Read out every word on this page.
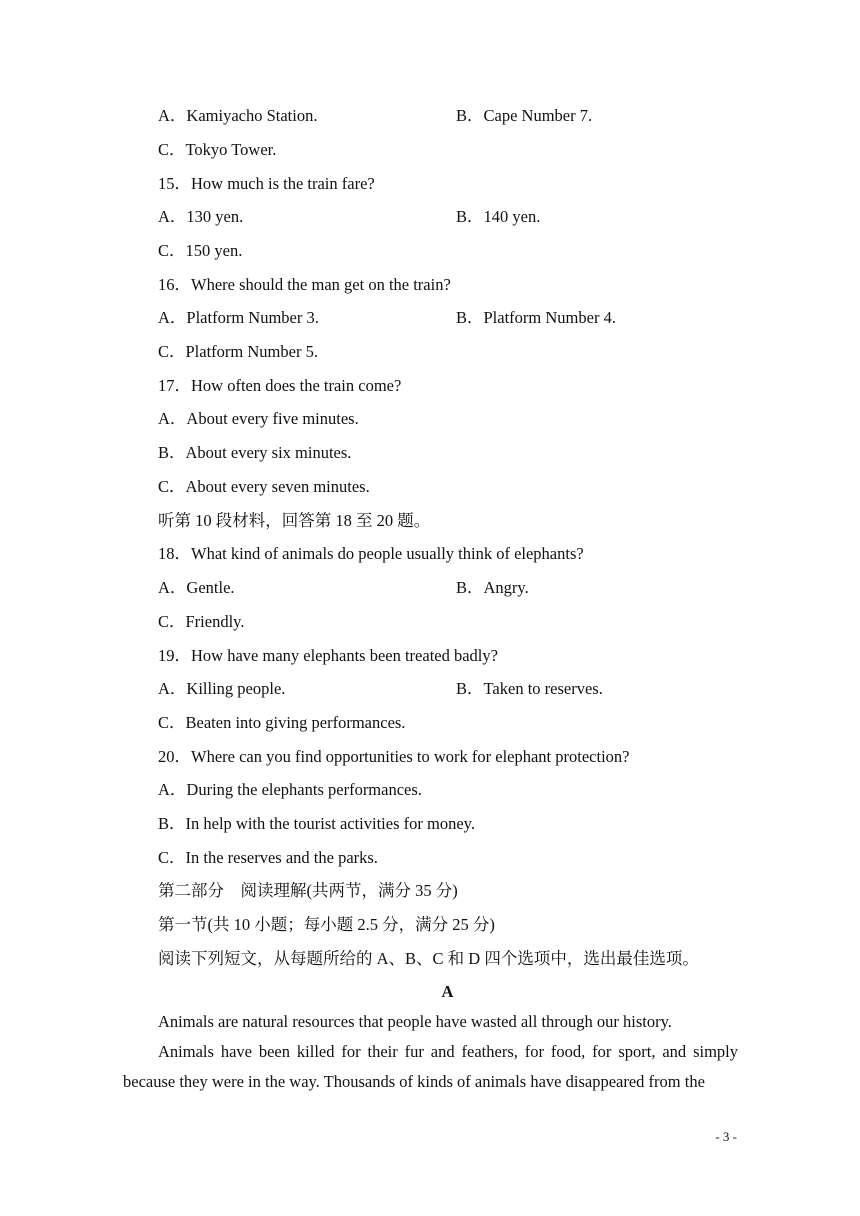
A．Kamiyacho Station.	B．Cape Number 7.
C．Tokyo Tower.
15．How much is the train fare?
A．130 yen.	B．140 yen.
C．150 yen.
16．Where should the man get on the train?
A．Platform Number 3.	B．Platform Number 4.
C．Platform Number 5.
17．How often does the train come?
A．About every five minutes.
B．About every six minutes.
C．About every seven minutes.
听第 10 段材料，回答第 18 至 20 题。
18．What kind of animals do people usually think of elephants?
A．Gentle.	B．Angry.
C．Friendly.
19．How have many elephants been treated badly?
A．Killing people.	B．Taken to reserves.
C．Beaten into giving performances.
20．Where can you find opportunities to work for elephant protection?
A．During the elephants performances.
B．In help with the tourist activities for money.
C．In the reserves and the parks.
第二部分　阅读理解(共两节，满分 35 分)
第一节(共 10 小题；每小题 2.5 分，满分 25 分)
阅读下列短文，从每题所给的 A、B、C 和 D 四个选项中，选出最佳选项。
A
Animals are natural resources that people have wasted all through our history.
Animals have been killed for their fur and feathers, for food, for sport, and simply because they were in the way. Thousands of kinds of animals have disappeared from the
- 3 -
